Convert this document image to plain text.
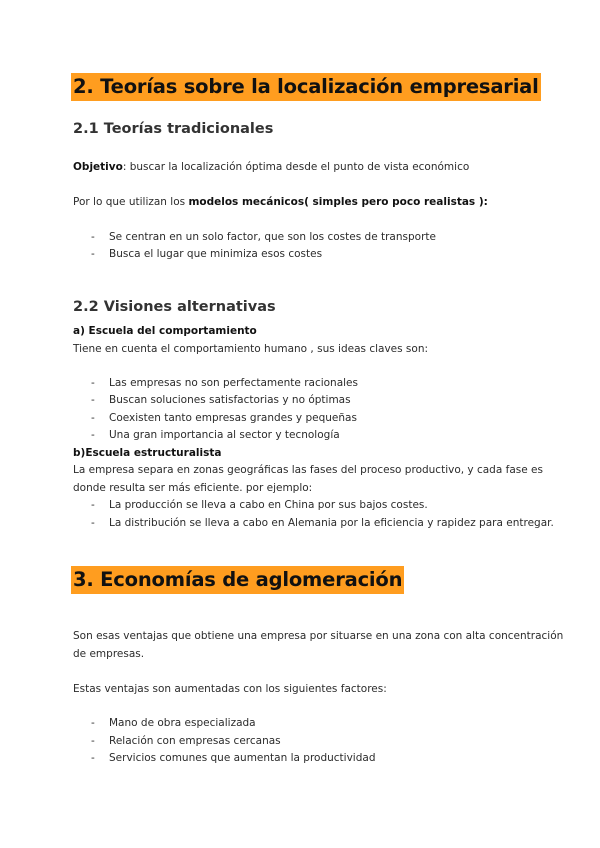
2. Teorías sobre la localización empresarial
2.1 Teorías tradicionales
Objetivo: buscar la localización óptima desde el punto de vista económico
Por lo que utilizan los modelos mecánicos( simples pero poco realistas ):
- Se centran en un solo factor, que son los costes de transporte
- Busca el lugar que minimiza esos costes
2.2 Visiones alternativas
a) Escuela del comportamiento
Tiene en cuenta el comportamiento humano , sus ideas claves son:
- Las empresas no son perfectamente racionales
- Buscan soluciones satisfactorias y no óptimas
- Coexisten tanto empresas grandes y pequeñas
- Una gran importancia al sector y tecnología
b)Escuela estructuralista
La empresa separa en zonas geográficas las fases del proceso productivo, y cada fase es
donde resulta ser más eficiente. por ejemplo:
- La producción se lleva a cabo en China por sus bajos costes.
- La distribución se lleva a cabo en Alemania por la eficiencia y rapidez para entregar.
3. Economías de aglomeración
Son esas ventajas que obtiene una empresa por situarse en una zona con alta concentración
de empresas.
Estas ventajas son aumentadas con los siguientes factores:
- Mano de obra especializada
- Relación con empresas cercanas
- Servicios comunes que aumentan la productividad
